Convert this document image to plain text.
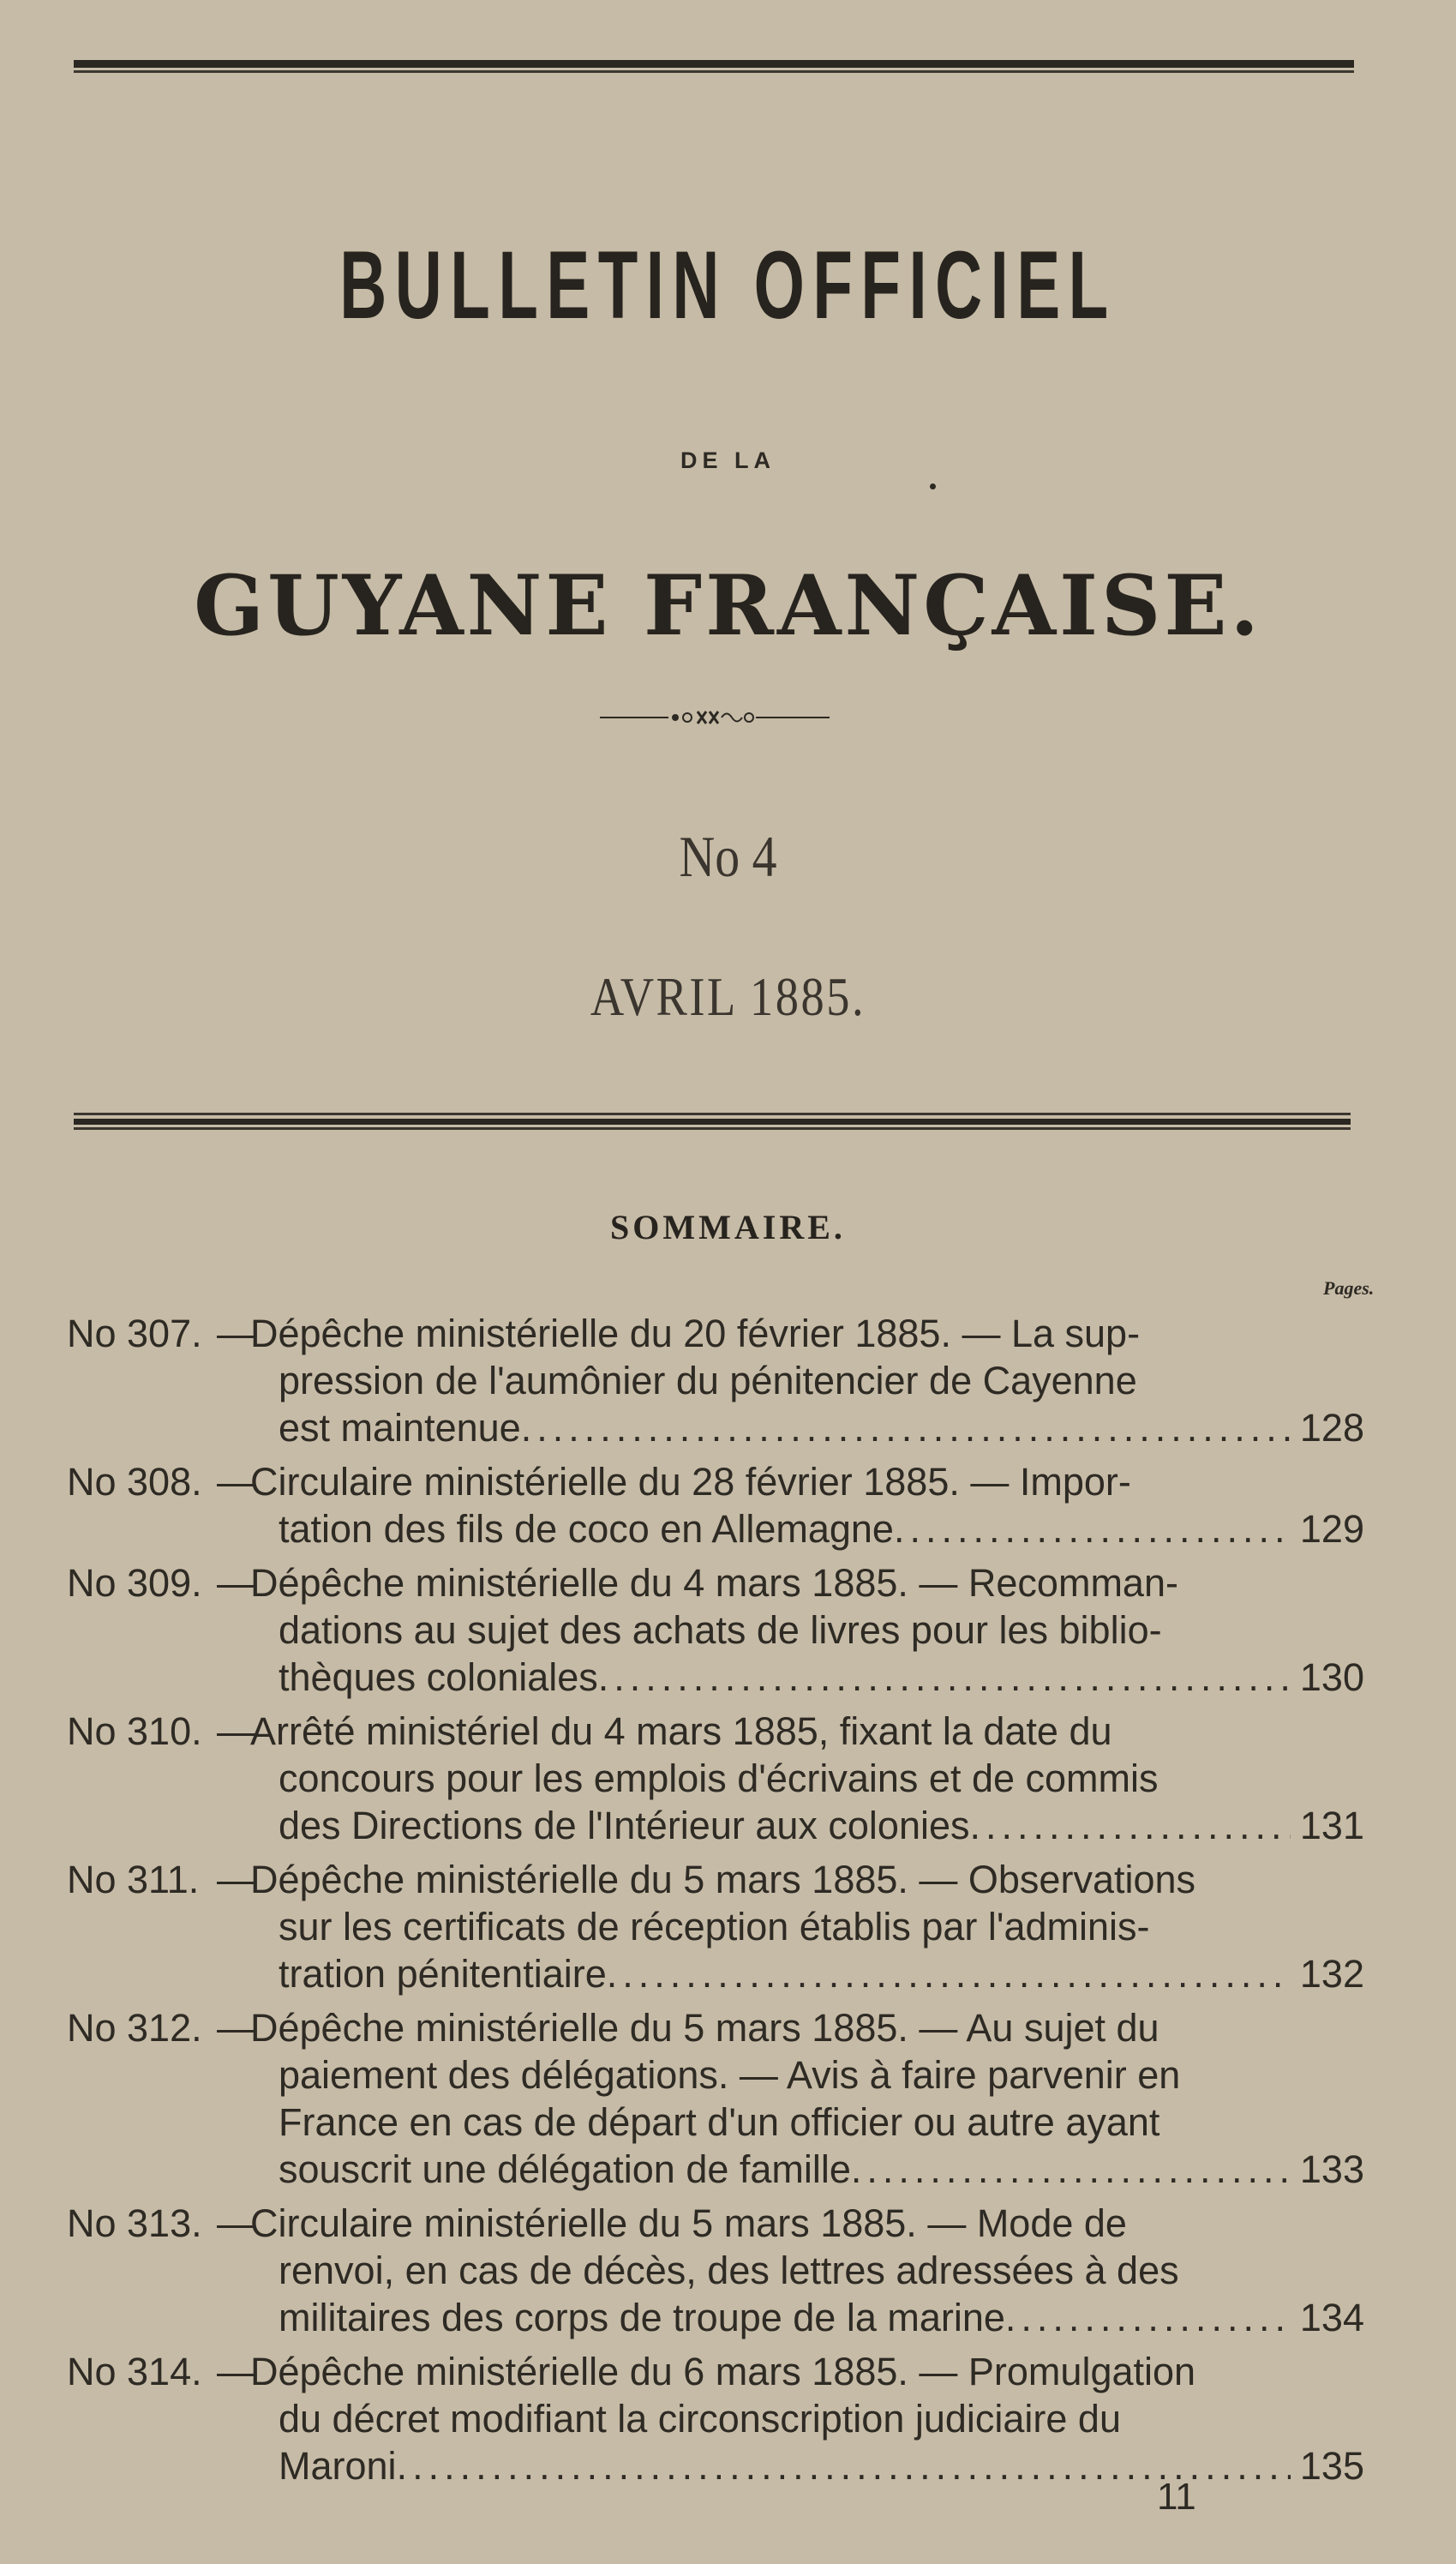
BULLETIN OFFICIEL
DE LA
GUYANE FRANÇAISE.
No 4
AVRIL 1885.
SOMMAIRE.
Pages.
No 307. —
Dépêche ministérielle du 20 février 1885. — La sup-
pression de l'aumônier du pénitencier de Cayenne
est maintenue .....	128
No 308. —
Circulaire ministérielle du 28 février 1885. — Impor-
tation des fils de coco en Allemagne .....	129
No 309. —
Dépêche ministérielle du 4 mars 1885. — Recomman-
dations au sujet des achats de livres pour les biblio-
thèques coloniales .....	130
No 310. —
Arrêté ministériel du 4 mars 1885, fixant la date du
concours pour les emplois d'écrivains et de commis
des Directions de l'Intérieur aux colonies .....	131
No 311. —
Dépêche ministérielle du 5 mars 1885. — Observations
sur les certificats de réception établis par l'adminis-
tration pénitentiaire .....	132
No 312. —
Dépêche ministérielle du 5 mars 1885. — Au sujet du
paiement des délégations. — Avis à faire parvenir en
France en cas de départ d'un officier ou autre ayant
souscrit une délégation de famille .....	133
No 313. —
Circulaire ministérielle du 5 mars 1885. — Mode de
renvoi, en cas de décès, des lettres adressées à des
militaires des corps de troupe de la marine .....	134
No 314. —
Dépêche ministérielle du 6 mars 1885. — Promulgation
du décret modifiant la circonscription judiciaire du
Maroni .....	135
11
